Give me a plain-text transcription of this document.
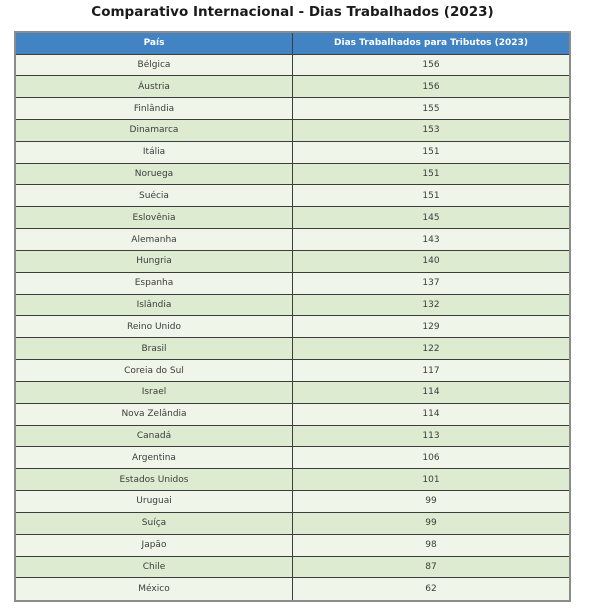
Comparativo Internacional - Dias Trabalhados (2023)
País	Dias Trabalhados para Tributos (2023)
Bélgica	156
Áustria	156
Finlândia	155
Dinamarca	153
Itália	151
Noruega	151
Suécia	151
Eslovênia	145
Alemanha	143
Hungria	140
Espanha	137
Islândia	132
Reino Unido	129
Brasil	122
Coreia do Sul	117
Israel	114
Nova Zelândia	114
Canadá	113
Argentina	106
Estados Unidos	101
Uruguai	99
Suíça	99
Japão	98
Chile	87
México	62
